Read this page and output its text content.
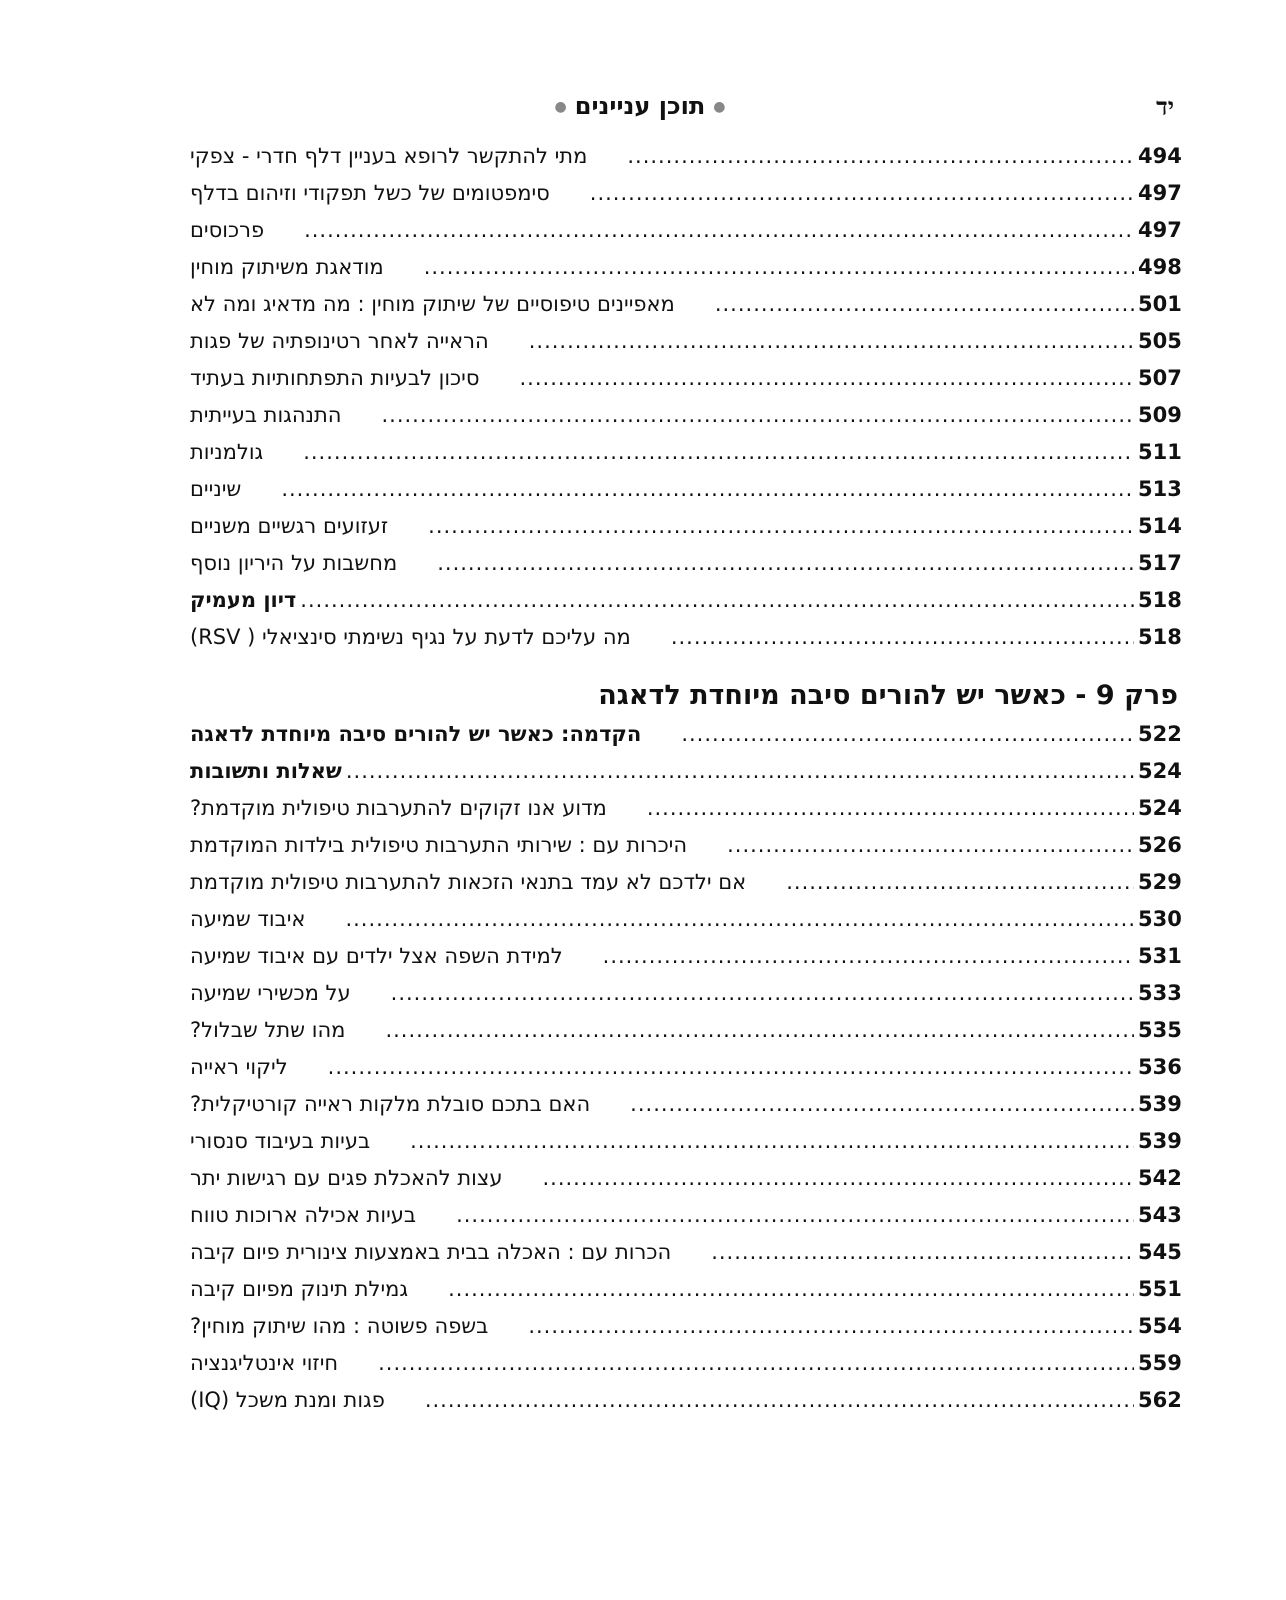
יד
●תוכן עניינים●
מתי להתקשר לרופא בעניין דלף חדרי - צפקי .....	494
סימפטומים של כשל תפקודי וזיהום בדלף .....	497
פרכוסים .....	497
מודאגת משיתוק מוחין .....	498
מאפיינים טיפוסיים של שיתוק מוחין : מה מדאיג ומה לא .....	501
הראייה לאחר רטינופתיה של פגות .....	505
סיכון לבעיות התפתחותיות בעתיד .....	507
התנהגות בעייתית .....	509
גולמניות .....	511
שיניים .....	513
זעזועים רגשיים משניים .....	514
מחשבות על היריון נוסף .....	517
דיון מעמיק .....	518
מה עליכם לדעת על נגיף נשימתי סינציאלי ( RSV) .....	518
פרק 9 - כאשר יש להורים סיבה מיוחדת לדאגה
הקדמה: כאשר יש להורים סיבה מיוחדת לדאגה .....	522
שאלות ותשובות .....	524
מדוע אנו זקוקים להתערבות טיפולית מוקדמת? .....	524
היכרות עם : שירותי התערבות טיפולית בילדות המוקדמת .....	526
אם ילדכם לא עמד בתנאי הזכאות להתערבות טיפולית מוקדמת .....	529
איבוד שמיעה .....	530
למידת השפה אצל ילדים עם איבוד שמיעה .....	531
על מכשירי שמיעה .....	533
מהו שתל שבלול? .....	535
ליקוי ראייה .....	536
האם בתכם סובלת מלקות ראייה קורטיקלית? .....	539
בעיות בעיבוד סנסורי .....	539
עצות להאכלת פגים עם רגישות יתר .....	542
בעיות אכילה ארוכות טווח .....	543
הכרות עם : האכלה בבית באמצעות צינורית פיום קיבה .....	545
גמילת תינוק מפיום קיבה .....	551
בשפה פשוטה : מהו שיתוק מוחין? .....	554
חיזוי אינטליגנציה .....	559
פגות ומנת משכל (IQ) .....	562
